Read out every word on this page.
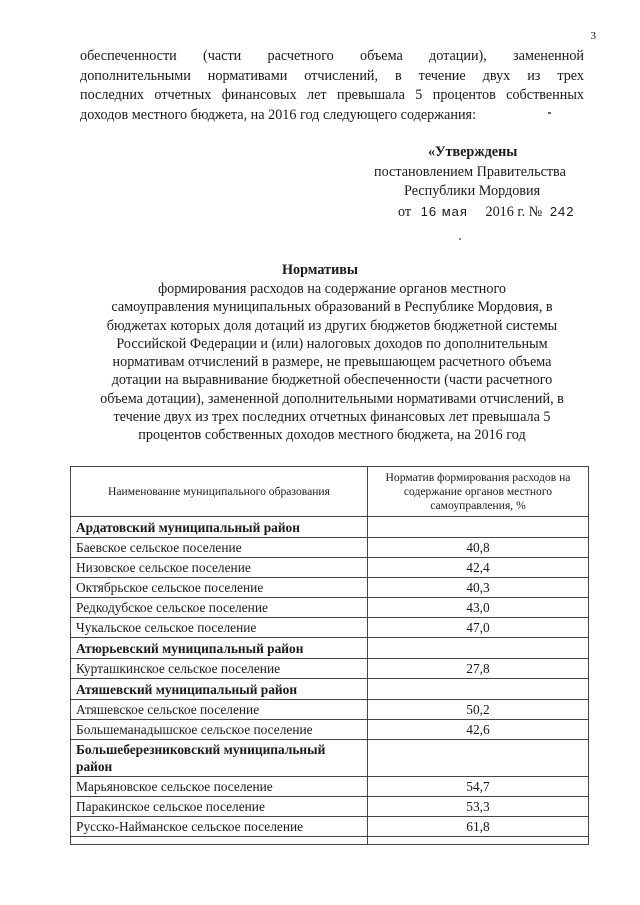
3
обеспеченности (части расчетного объема дотации), замененной
дополнительными нормативами отчислений, в течение двух из трех
последних отчетных финансовых лет превышала 5 процентов собственных
доходов местного бюджета, на 2016 год следующего содержания:
«Утверждены
постановлением Правительства
Республики Мордовия
от 16 мая 2016 г. № 242
Нормативы
формирования расходов на содержание органов местного
самоуправления муниципальных образований в Республике Мордовия, в
бюджетах которых доля дотаций из других бюджетов бюджетной системы
Российской Федерации и (или) налоговых доходов по дополнительным
нормативам отчислений в размере, не превышающем расчетного объема
дотации на выравнивание бюджетной обеспеченности (части расчетного
объема дотации), замененной дополнительными нормативами отчислений, в
течение двух из трех последних отчетных финансовых лет превышала 5
процентов собственных доходов местного бюджета, на 2016 год
Наименование муниципального образования	Норматив формирования расходов на содержание органов местного самоуправления, %
Ардатовский муниципальный район	
Баевское сельское поселение	40,8
Низовское сельское поселение	42,4
Октябрьское сельское поселение	40,3
Редкодубское сельское поселение	43,0
Чукальское сельское поселение	47,0
Атюрьевский муниципальный район	
Курташкинское сельское поселение	27,8
Атяшевский муниципальный район	
Атяшевское сельское поселение	50,2
Большеманадышское сельское поселение	42,6
Большеберезниковский муниципальный район	
Марьяновское сельское поселение	54,7
Паракинское сельское поселение	53,3
Русско-Найманское сельское поселение	61,8
